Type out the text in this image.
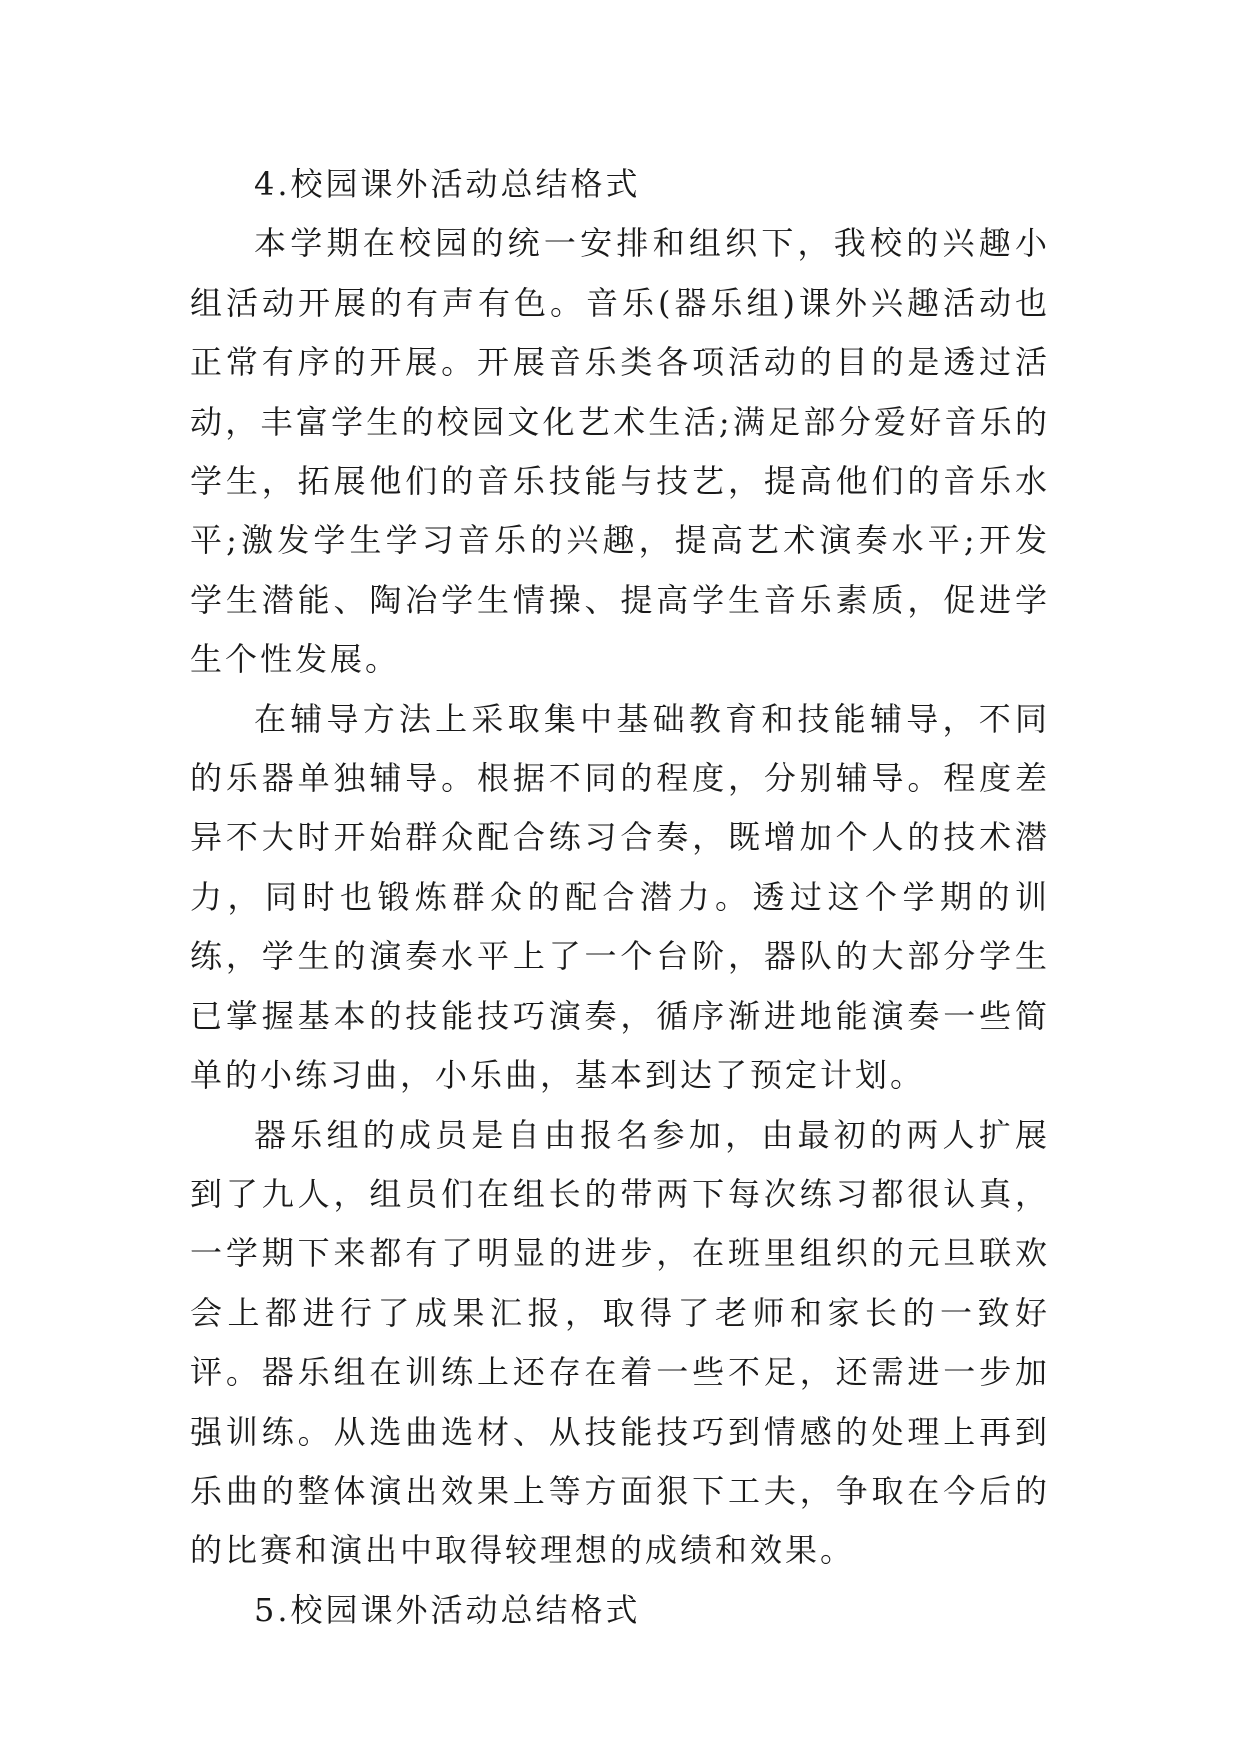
4.校园课外活动总结格式

本学期在校园的统一安排和组织下，我校的兴趣小组活动开展的有声有色。音乐(器乐组)课外兴趣活动也正常有序的开展。开展音乐类各项活动的目的是透过活动，丰富学生的校园文化艺术生活;满足部分爱好音乐的学生，拓展他们的音乐技能与技艺，提高他们的音乐水平;激发学生学习音乐的兴趣，提高艺术演奏水平;开发学生潜能、陶冶学生情操、提高学生音乐素质，促进学生个性发展。

在辅导方法上采取集中基础教育和技能辅导，不同的乐器单独辅导。根据不同的程度，分别辅导。程度差异不大时开始群众配合练习合奏，既增加个人的技术潜力，同时也锻炼群众的配合潜力。透过这个学期的训练，学生的演奏水平上了一个台阶，器队的大部分学生已掌握基本的技能技巧演奏，循序渐进地能演奏一些简单的小练习曲，小乐曲，基本到达了预定计划。

器乐组的成员是自由报名参加，由最初的两人扩展到了九人，组员们在组长的带两下每次练习都很认真，一学期下来都有了明显的进步，在班里组织的元旦联欢会上都进行了成果汇报，取得了老师和家长的一致好评。器乐组在训练上还存在着一些不足，还需进一步加强训练。从选曲选材、从技能技巧到情感的处理上再到乐曲的整体演出效果上等方面狠下工夫，争取在今后的的比赛和演出中取得较理想的成绩和效果。

5.校园课外活动总结格式
